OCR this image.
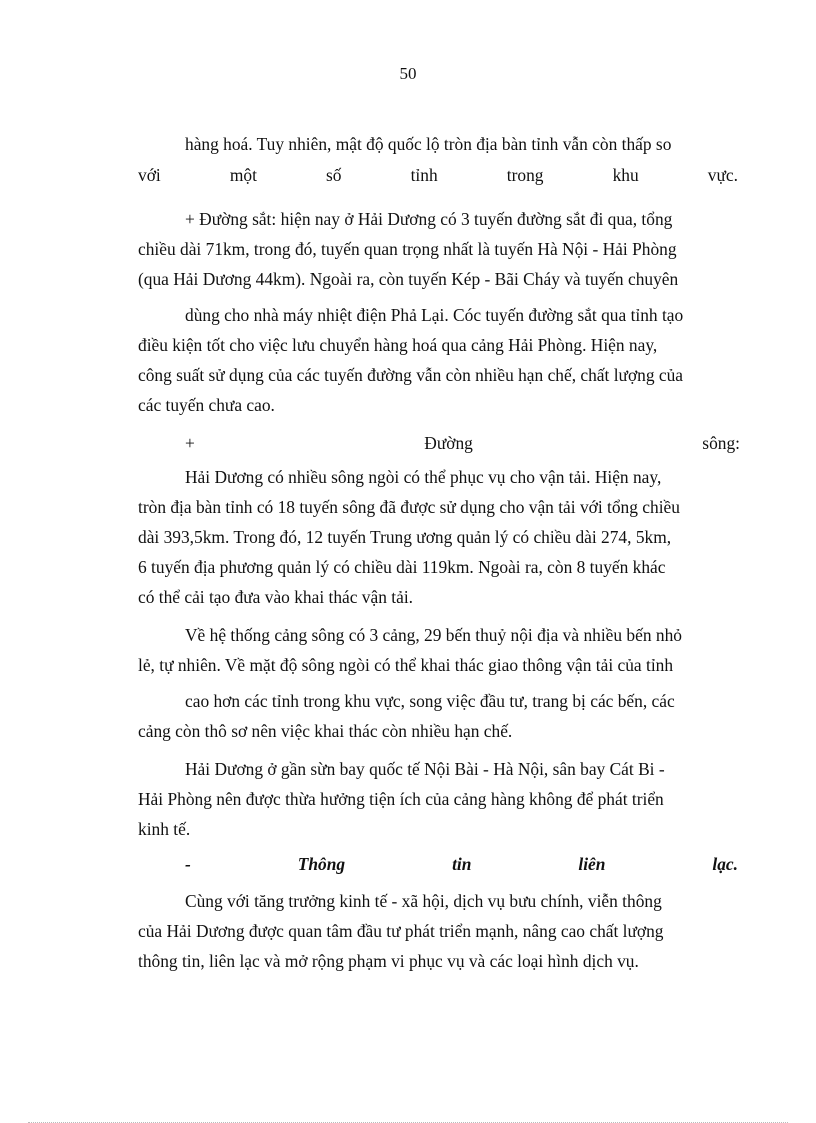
50

hàng hoá. Tuy nhiên, mật độ quốc lộ tròn địa bàn tỉnh vẫn còn thấp so

với	một	số	tỉnh	trong	khu	vực.

+ Đường sắt: hiện nay ở Hải Dương có 3 tuyến đường sắt đi qua, tổng

chiều dài 71km, trong đó, tuyến quan trọng nhất là tuyến Hà Nội - Hải Phòng

(qua Hải Dương 44km). Ngoài ra, còn tuyến Kép - Bãi Cháy và tuyến chuyên

dùng cho nhà máy nhiệt điện Phả Lại. Cóc tuyến đường sắt qua tỉnh tạo

điều kiện tốt cho việc lưu chuyển hàng hoá qua cảng Hải Phòng. Hiện nay,

công suất sử dụng của các tuyến đường vẫn còn nhiều hạn chế, chất lượng của

các tuyến chưa cao.

+	Đường	sông:

Hải Dương có nhiều sông ngòi có thể phục vụ cho vận tải. Hiện nay,

tròn địa bàn tỉnh có 18 tuyến sông đã được sử dụng cho vận tải với tổng chiều

dài 393,5km. Trong đó, 12 tuyến Trung ương quản lý có chiều dài 274, 5km,

6 tuyến địa phương quản lý có chiều dài 119km. Ngoài ra, còn 8 tuyến khác

có thể cải tạo đưa vào khai thác vận tải.

Về hệ thống cảng sông có 3 cảng, 29 bến thuỷ nội địa và nhiều bến nhỏ

lẻ, tự nhiên. Về mặt độ sông ngòi có thể khai thác giao thông vận tải của tỉnh

cao hơn các tỉnh trong khu vực, song việc đầu tư, trang bị các bến, các

cảng còn thô sơ nên việc khai thác còn nhiều hạn chế.

Hải Dương ở gần sừn bay quốc tế Nội Bài - Hà Nội, sân bay Cát Bi -

Hải Phòng nên được thừa hưởng tiện ích của cảng hàng không để phát triển

kinh tế.

-	Thông	tin	liên	lạc.

Cùng với tăng trưởng kinh tế - xã hội, dịch vụ bưu chính, viễn thông

của Hải Dương được quan tâm đầu tư phát triển mạnh, nâng cao chất lượng

thông tin, liên lạc và mở rộng phạm vi phục vụ và các loại hình dịch vụ.
